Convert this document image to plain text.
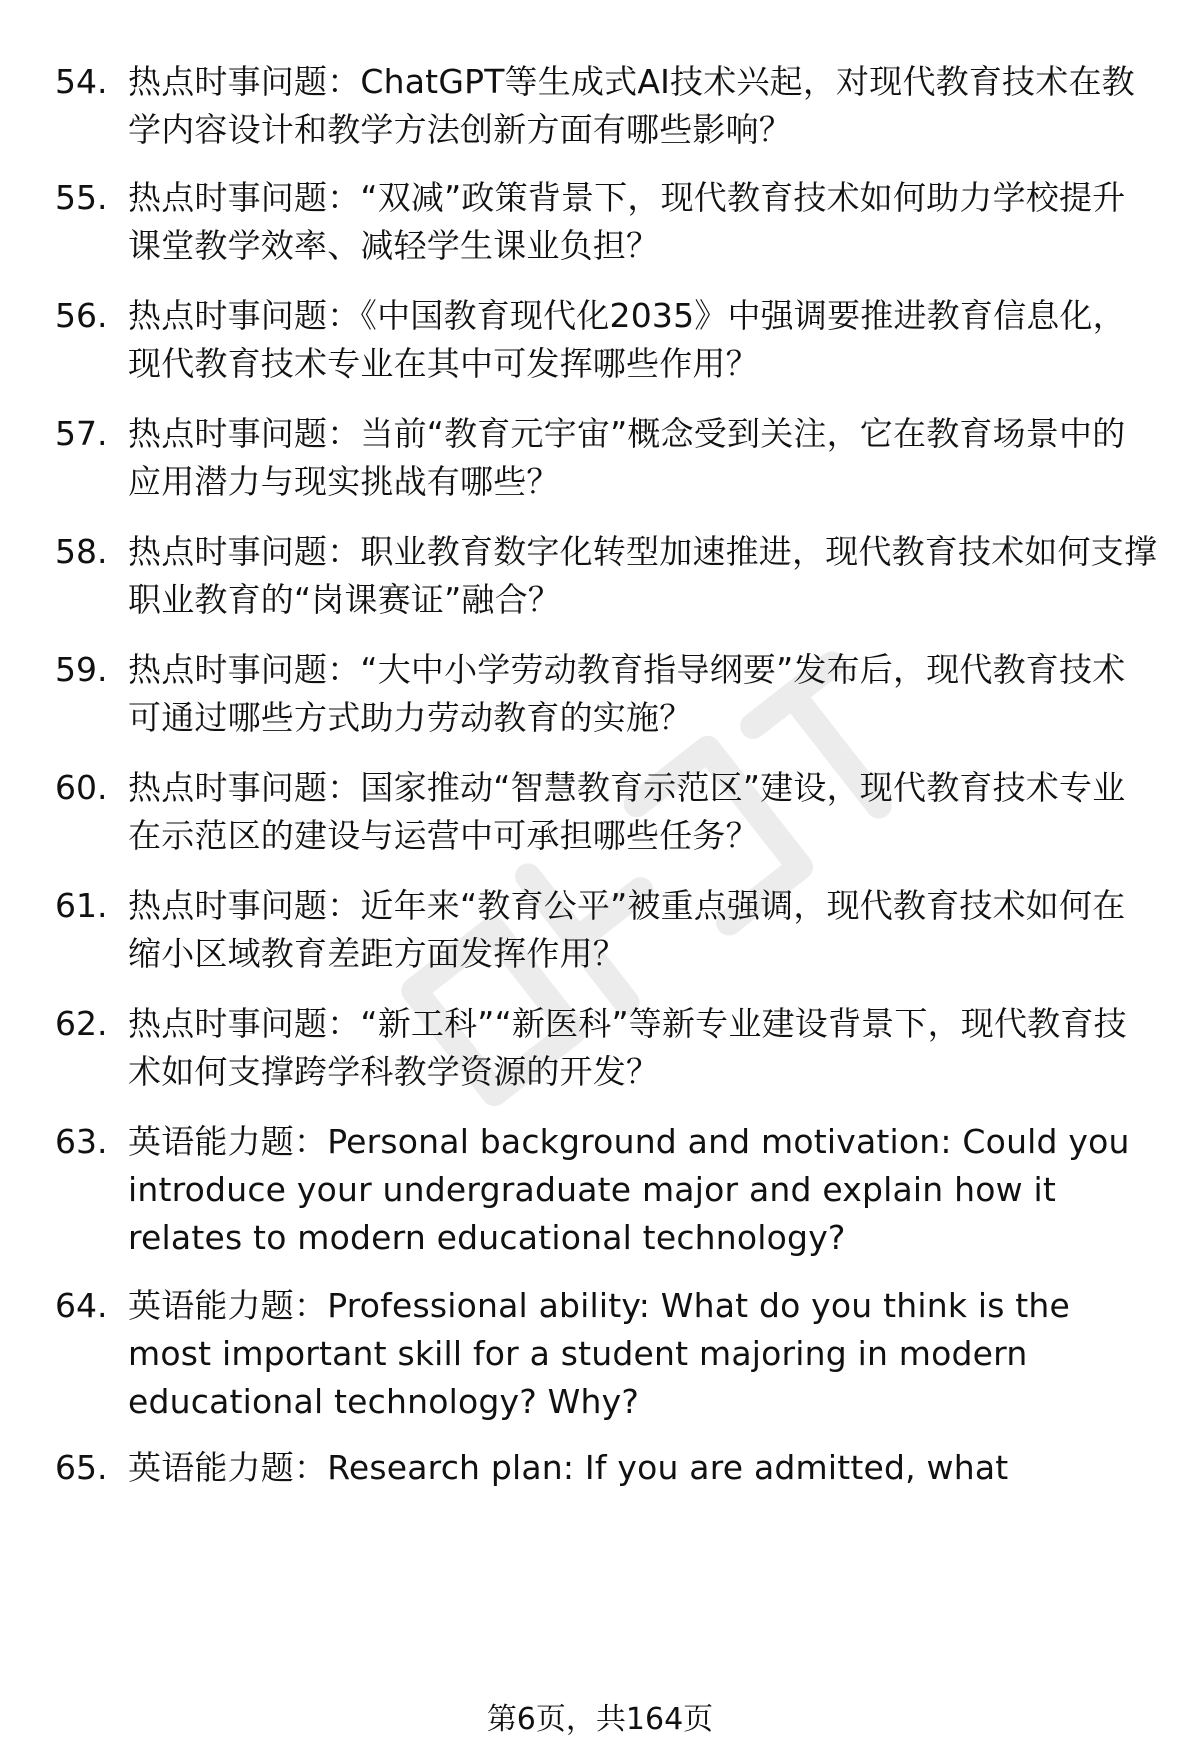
54. 热点时事问题：ChatGPT等生成式AI技术兴起，对现代教育技术在教学内容设计和教学方法创新方面有哪些影响？
55. 热点时事问题：“双减”政策背景下，现代教育技术如何助力学校提升课堂教学效率、减轻学生课业负担？
56. 热点时事问题：《中国教育现代化2035》中强调要推进教育信息化，现代教育技术专业在其中可发挥哪些作用？
57. 热点时事问题：当前“教育元宇宙”概念受到关注，它在教育场景中的应用潜力与现实挑战有哪些？
58. 热点时事问题：职业教育数字化转型加速推进，现代教育技术如何支撑职业教育的“岗课赛证”融合？
59. 热点时事问题：“大中小学劳动教育指导纲要”发布后，现代教育技术可通过哪些方式助力劳动教育的实施？
60. 热点时事问题：国家推动“智慧教育示范区”建设，现代教育技术专业在示范区的建设与运营中可承担哪些任务？
61. 热点时事问题：近年来“教育公平”被重点强调，现代教育技术如何在缩小区域教育差距方面发挥作用？
62. 热点时事问题：“新工科”“新医科”等新专业建设背景下，现代教育技术如何支撑跨学科教学资源的开发？
63. 英语能力题：Personal background and motivation: Could you introduce your undergraduate major and explain how it relates to modern educational technology?
64. 英语能力题：Professional ability: What do you think is the most important skill for a student majoring in modern educational technology? Why?
65. 英语能力题：Research plan: If you are admitted, what
第6页，共164页
